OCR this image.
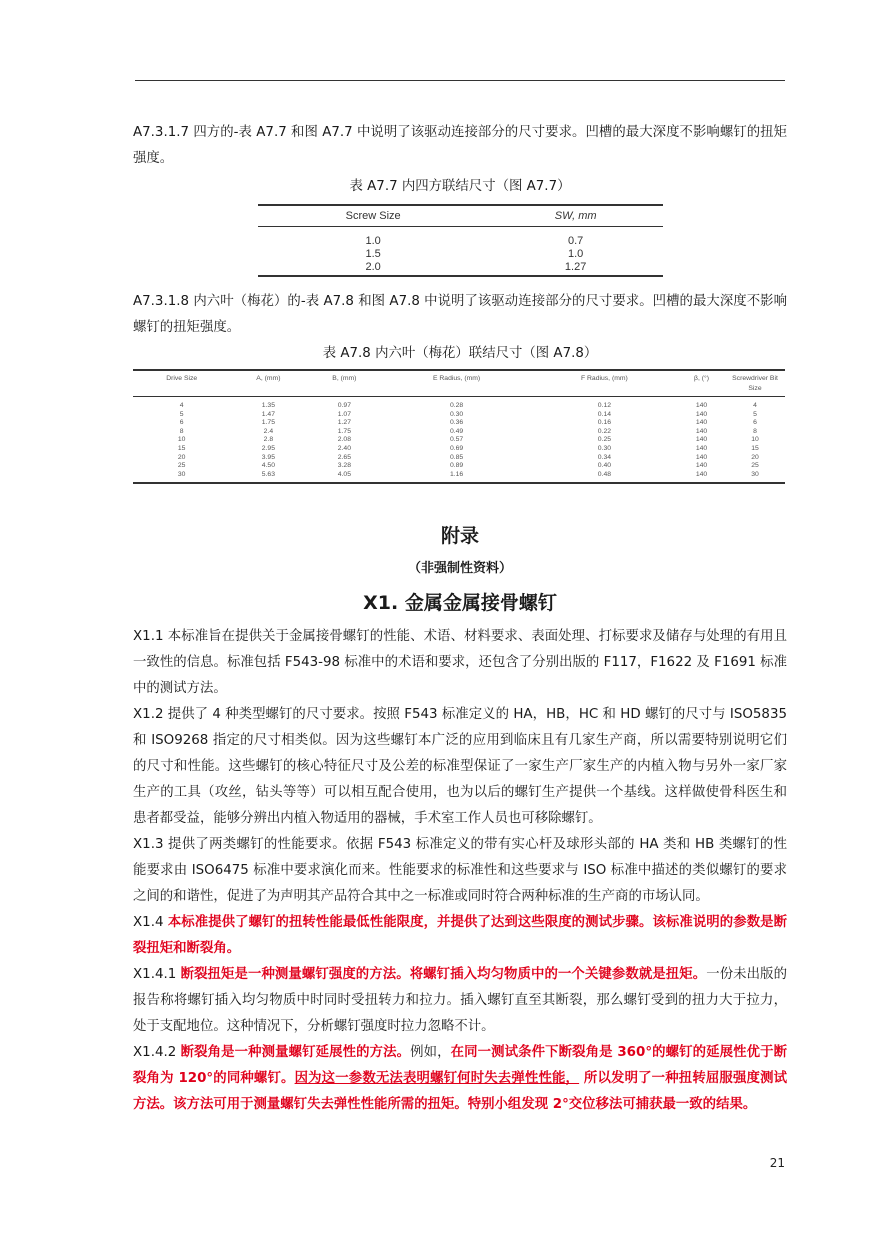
A7.3.1.7 四方的-表 A7.7 和图 A7.7 中说明了该驱动连接部分的尺寸要求。凹槽的最大深度不影响螺钉的扭矩强度。

表 A7.7 内四方联结尺寸（图 A7.7）

Screw Size	SW, mm
1.0	0.7
1.5	1.0
2.0	1.27

A7.3.1.8 内六叶（梅花）的-表 A7.8 和图 A7.8 中说明了该驱动连接部分的尺寸要求。凹槽的最大深度不影响螺钉的扭矩强度。

表 A7.8 内六叶（梅花）联结尺寸（图 A7.8）

Drive Size	A, (mm)	B, (mm)	E Radius, (mm)	F Radius, (mm)	β, (°)	Screwdriver Bit Size
4	1.35	0.97	0.28	0.12	140	4
5	1.47	1.07	0.30	0.14	140	5
6	1.75	1.27	0.36	0.16	140	6
8	2.4	1.75	0.49	0.22	140	8
10	2.8	2.08	0.57	0.25	140	10
15	2.95	2.40	0.69	0.30	140	15
20	3.95	2.65	0.85	0.34	140	20
25	4.50	3.28	0.89	0.40	140	25
30	5.63	4.05	1.16	0.48	140	30
附录
（非强制性资料）
X1. 金属金属接骨螺钉

X1.1 本标准旨在提供关于金属接骨螺钉的性能、术语、材料要求、表面处理、打标要求及储存与处理的有用且一致性的信息。标准包括 F543-98 标准中的术语和要求，还包含了分别出版的 F117，F1622 及 F1691 标准中的测试方法。

X1.2 提供了 4 种类型螺钉的尺寸要求。按照 F543 标准定义的 HA，HB，HC 和 HD 螺钉的尺寸与 ISO5835 和 ISO9268 指定的尺寸相类似。因为这些螺钉本广泛的应用到临床且有几家生产商，所以需要特别说明它们的尺寸和性能。这些螺钉的核心特征尺寸及公差的标准型保证了一家生产厂家生产的内植入物与另外一家厂家生产的工具（攻丝，钻头等等）可以相互配合使用，也为以后的螺钉生产提供一个基线。这样做使骨科医生和患者都受益，能够分辨出内植入物适用的器械，手术室工作人员也可移除螺钉。

X1.3 提供了两类螺钉的性能要求。依据 F543 标准定义的带有实心杆及球形头部的 HA 类和 HB 类螺钉的性能要求由 ISO6475 标准中要求演化而来。性能要求的标准性和这些要求与 ISO 标准中描述的类似螺钉的要求之间的和谐性，促进了为声明其产品符合其中之一标准或同时符合两种标准的生产商的市场认同。

X1.4 本标准提供了螺钉的扭转性能最低性能限度，并提供了达到这些限度的测试步骤。该标准说明的参数是断裂扭矩和断裂角。

X1.4.1 断裂扭矩是一种测量螺钉强度的方法。将螺钉插入均匀物质中的一个关键参数就是扭矩。一份未出版的报告称将螺钉插入均匀物质中时同时受扭转力和拉力。插入螺钉直至其断裂，那么螺钉受到的扭力大于拉力，处于支配地位。这种情况下，分析螺钉强度时拉力忽略不计。

X1.4.2 断裂角是一种测量螺钉延展性的方法。例如，在同一测试条件下断裂角是 360°的螺钉的延展性优于断裂角为 120°的同种螺钉。因为这一参数无法表明螺钉何时失去弹性性能， 所以发明了一种扭转屈服强度测试方法。该方法可用于测量螺钉失去弹性性能所需的扭矩。特别小组发现 2°交位移法可捕获最一致的结果。

21
